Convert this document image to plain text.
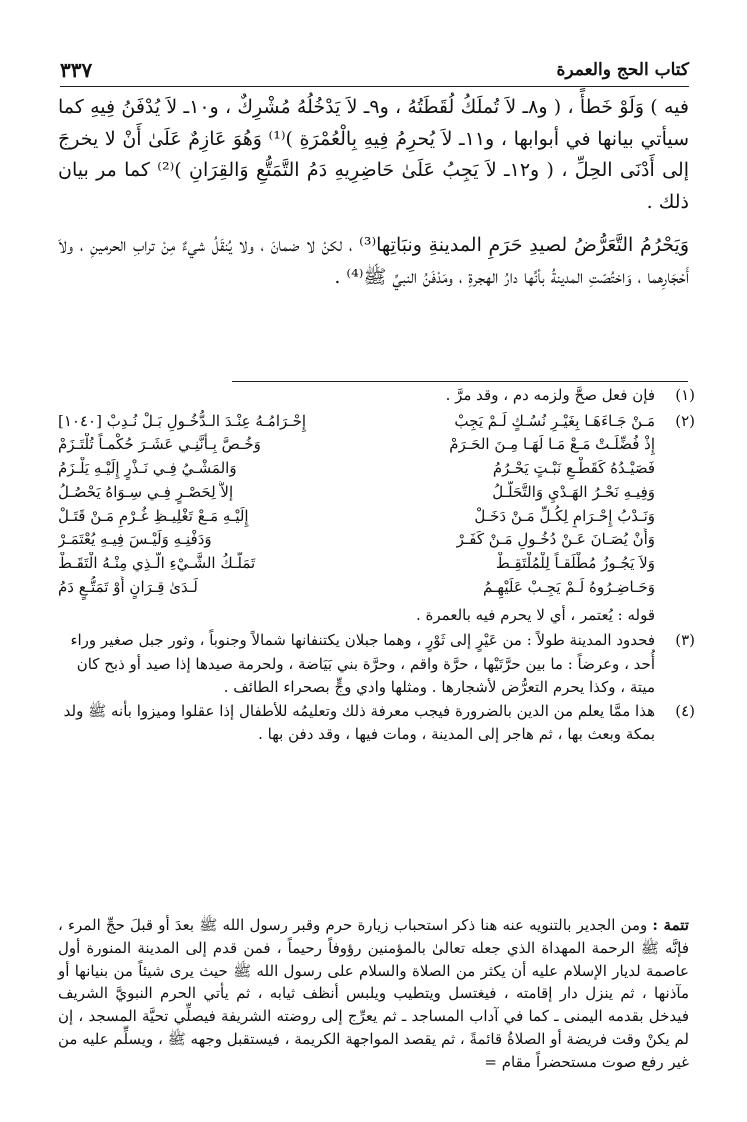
كتاب الحج والعمرة
٣٣٧

فيه ) وَلَوْ خَطأً ، ( و٨ـ لاَ تُملَكُ لُقَطَتُهُ ، و٩ـ لاَ يَدْخُلُهُ مُشْرِكٌ ، و١٠ـ لاَ يُدْفَنُ فِيهِ كما سيأتي بيانها في أبوابها ، و١١ـ لاَ يُحرِمُ فِيهِ بِالْعُمْرَةِ )⁽¹⁾ وَهُوَ عَازِمٌ عَلَىٰ أَنْ لا يخرجَ إلى أَدْنَى الحِلِّ ، ( و١٢ـ لاَ يَجِبُ عَلَىٰ حَاضِرِيهِ دَمُ التَّمَتُّعِ وَالقِرَانِ )⁽²⁾ كما مر بيان ذلك .

وَيَحْرُمُ التَّعَرُّضُ لصيدِ حَرَمِ المدينةِ ونبَاتِها⁽³⁾ ، لكنْ لا ضمانَ ، ولا يُنقَلُ شيءٌ مِنْ ترابِ الحرمينِ ، ولاَ أَحْجَارِهما ، وَاختُصّتِ المدينةُ بأنَّها دارُ الهجرةِ ، ومَدْفَنُ النبيِّ ﷺ⁽⁴⁾ .

(١)
فإن فعل صحَّ ولزمه دم ، وقد مرَّ .
(٢)
مَـنْ جَـاءَهَـا بِغَيْـرِ نُسُـكٍ لَـمْ يَجِبْ
إِحْـرَامُـهُ عِنْـدَ الـدُّخُـولِ بَـلْ نُـدِبْ [١٠٤٠]
إِذْ فُضِّلَـتْ مَـعْ مَـا لَهَـا مِـنَ الحَـرَمْ
وَخُـصَّ بِـأَنَّنِـي عَشَـرَ حُكْمـاً تُلْتَـزَمْ
فَصَيْـدُهُ كَقَطْـعِ نَبْـتٍ يَحْـرُمُ
وَالمَشْـيُ فِـي نَـذْرٍ إِلَيْـهِ يَلْـزَمُ
وَفِيـهِ نَحْـرُ الهَـدْيِ وَالتَّحَلُّـلُ
إلاَّ لِحَصْـرٍ فِـي سِـوَاهُ يَحْصُـلُ
وَنَـدْبُ إِحْـرَامٍ لِكُـلِّ مَـنْ دَخَـلْ
إِلَيْـهِ مَـعْ تَغْلِيـظِ غُـرْمِ مَـنْ قَتَـلْ
وَأَنْ يُصَـانَ عَـنْ دُخُـولِ مَـنْ كَفَـرْ
وَدَفْنِـهِ وَلَيْـسَ فِيـهِ يُعْتَمَـرْ
وَلاَ يَجُـوزُ مُطْلَقـاً لِلْمُلْتَقِـطْ
تَمَلُّـكُ الشَّـيْءِ الَّـذِي مِنْـهُ الْتَقَـطْ
وَحَـاضِـرُوهُ لَـمْ يَجِـبْ عَلَيْهِـمُ
لَـدَىٰ قِـرَانٍ أَوْ تَمَتُّـعٍ دَمُ
قوله : يُعتمر ، أي لا يحرم فيه بالعمرة .
(٣)
فحدود المدينة طولاً : من عَيْرٍ إلى ثَوْرٍ ، وهما جبلان يكتنفانها شمالاً وجنوباً ، وثور جبل صغير وراء أُحد ، وعرضاً : ما بين حرَّتَيْها ، حرَّة واقم ، وحرَّة بني بَيَاضة ، ولحرمة صيدها إذا صيد أو ذبح كان ميتة ، وكذا يحرم التعرُّض لأشجارها . ومثلها وادي وجٍّ بصحراء الطائف .
(٤)
هذا ممَّا يعلم من الدين بالضرورة فيجب معرفة ذلك وتعليمُه للأطفال إذا عقلوا وميزوا بأنه ﷺ ولد بمكة وبعث بها ، ثم هاجر إلى المدينة ، ومات فيها ، وقد دفن بها .
تتمة : ومن الجدير بالتنويه عنه هنا ذكر استحباب زيارة حرم وقبر رسول الله ﷺ بعدَ أو قبلَ حجِّ المرء ، فإنَّه ﷺ الرحمة المهداة الذي جعله تعالىٰ بالمؤمنين رؤوفاً رحيماً ، فمن قدم إلى المدينة المنورة أول عاصمة لديار الإسلام عليه أن يكثر من الصلاة والسلام على رسول الله ﷺ حيث يرى شيئاً من بنيانها أو مآذنها ، ثم ينزل دار إقامته ، فيغتسل ويتطيب ويلبس أنظف ثيابه ، ثم يأتي الحرم النبويَّ الشريف فيدخل بقدمه اليمنى ـ كما في آداب المساجد ـ ثم يعرِّج إلى روضته الشريفة فيصلِّي تحيَّة المسجد ، إن لم يكنْ وقت فريضة أو الصلاةُ قائمةً ، ثم يقصد المواجهة الكريمة ، فيستقبل وجهه ﷺ ، ويسلِّم عليه من غير رفع صوت مستحضراً مقام =
